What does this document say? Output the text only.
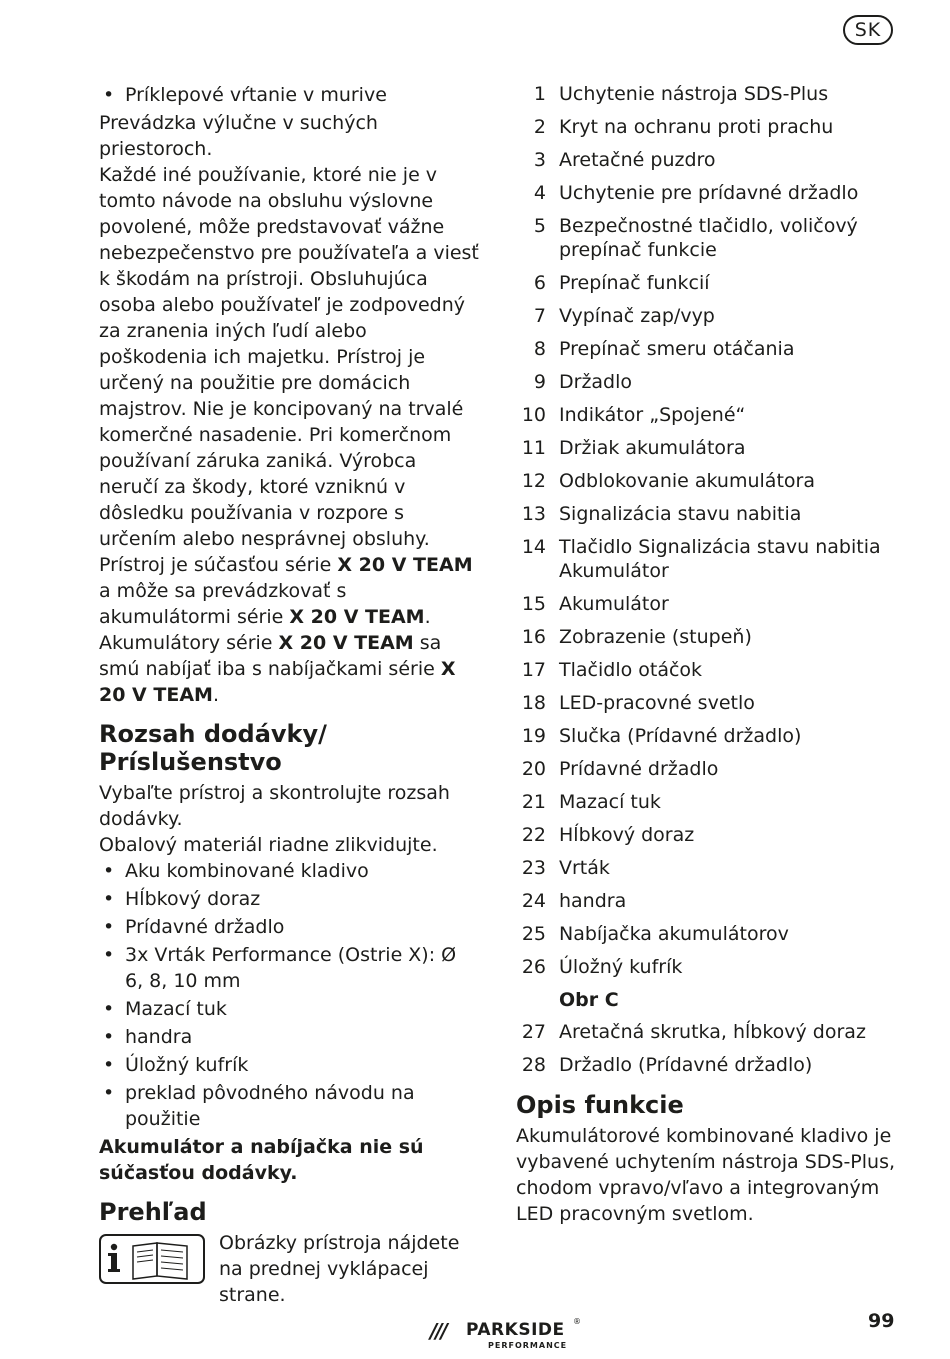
SK

• Príklepové vŕtanie v murive

Prevádzka výlučne v suchých priestoroch.

Každé iné používanie, ktoré nie je v tomto návode na obsluhu výslovne povolené, môže predstavovať vážne nebezpečenstvo pre používateľa a viesť k škodám na prístroji. Obsluhujúca osoba alebo používateľ je zodpovedný za zranenia iných ľudí alebo poškodenia ich majetku. Prístroj je určený na použitie pre domácich majstrov. Nie je koncipovaný na trvalé komerčné nasadenie. Pri komerčnom používaní záruka zaniká. Výrobca neručí za škody, ktoré vzniknú v dôsledku používania v rozpore s určením alebo nesprávnej obsluhy.

Prístroj je súčasťou série X 20 V TEAM a môže sa prevádzkovať s akumulátormi série X 20 V TEAM. Akumulátory série X 20 V TEAM sa smú nabíjať iba s nabíjačkami série X 20 V TEAM.

Rozsah dodávky/ Príslušenstvo

Vybaľte prístroj a skontrolujte rozsah dodávky.

Obalový materiál riadne zlikvidujte.

• Aku kombinované kladivo

• Hĺbkový doraz

• Prídavné držadlo

• 3x Vrták Performance (Ostrie X): Ø 6, 8, 10 mm

• Mazací tuk

• handra

• Úložný kufrík

• preklad pôvodného návodu na použitie

Akumulátor a nabíjačka nie sú súčasťou dodávky.

Prehľad

Obrázky prístroja nájdete na prednej vyklápacej strane.

1 Uchytenie nástroja SDS-Plus
2 Kryt na ochranu proti prachu
3 Aretačné puzdro
4 Uchytenie pre prídavné držadlo
5 Bezpečnostné tlačidlo, voličový prepínač funkcie
6 Prepínač funkcií
7 Vypínač zap/vyp
8 Prepínač smeru otáčania
9 Držadlo
10 Indikátor „Spojené“
11 Držiak akumulátora
12 Odblokovanie akumulátora
13 Signalizácia stavu nabitia
14 Tlačidlo Signalizácia stavu nabitia Akumulátor
15 Akumulátor
16 Zobrazenie (stupeň)
17 Tlačidlo otáčok
18 LED-pracovné svetlo
19 Slučka (Prídavné držadlo)
20 Prídavné držadlo
21 Mazací tuk
22 Hĺbkový doraz
23 Vrták
24 handra
25 Nabíjačka akumulátorov
26 Úložný kufrík
Obr C
27 Aretačná skrutka, hĺbkový doraz
28 Držadlo (Prídavné držadlo)
Opis funkcie

Akumulátorové kombinované kladivo je vybavené uchytením nástroja SDS-Plus, chodom vpravo/vľavo a integrovaným LED pracovným svetlom.

/// PARKSIDE ®
PERFORMANCE
99
